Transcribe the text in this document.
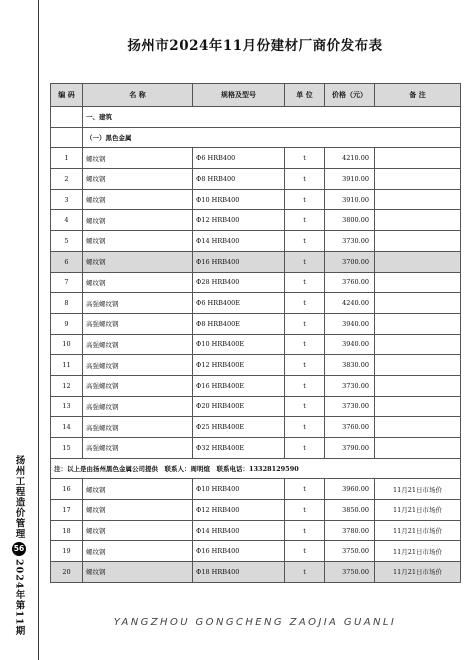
扬州市2024年11月份建材厂商价发布表
扬州工程造价管理
56
2024年第11期
编 码	名 称	规格及型号	单 位	价格（元）	备 注
	一、建筑				
	（一）黑色金属				
1	螺纹钢	Φ6 HRB400	t	4210.00	
2	螺纹钢	Φ8 HRB400	t	3910.00	
3	螺纹钢	Φ10 HRB400	t	3910.00	
4	螺纹钢	Φ12 HRB400	t	3800.00	
5	螺纹钢	Φ14 HRB400	t	3730.00	
6	螺纹钢	Φ16 HRB400	t	3700.00	
7	螺纹钢	Φ28 HRB400	t	3760.00	
8	高强螺纹钢	Φ6 HRB400E	t	4240.00	
9	高强螺纹钢	Φ8 HRB400E	t	3940.00	
10	高强螺纹钢	Φ10 HRB400E	t	3940.00	
11	高强螺纹钢	Φ12 HRB400E	t	3830.00	
12	高强螺纹钢	Φ16 HRB400E	t	3730.00	
13	高强螺纹钢	Φ20 HRB400E	t	3730.00	
14	高强螺纹钢	Φ25 HRB400E	t	3760.00	
15	高强螺纹钢	Φ32 HRB400E	t	3790.00	
注：以上是由扬州黑色金属公司提供　联系人：周明煊　联系电话：13328129590					
16	螺纹钢	Φ10 HRB400	t	3960.00	11月21日市场价
17	螺纹钢	Φ12 HRB400	t	3850.00	11月21日市场价
18	螺纹钢	Φ14 HRB400	t	3780.00	11月21日市场价
19	螺纹钢	Φ16 HRB400	t	3750.00	11月21日市场价
20	螺纹钢	Φ18 HRB400	t	3750.00	11月21日市场价
YANGZHOU GONGCHENG ZAOJIA GUANLI
